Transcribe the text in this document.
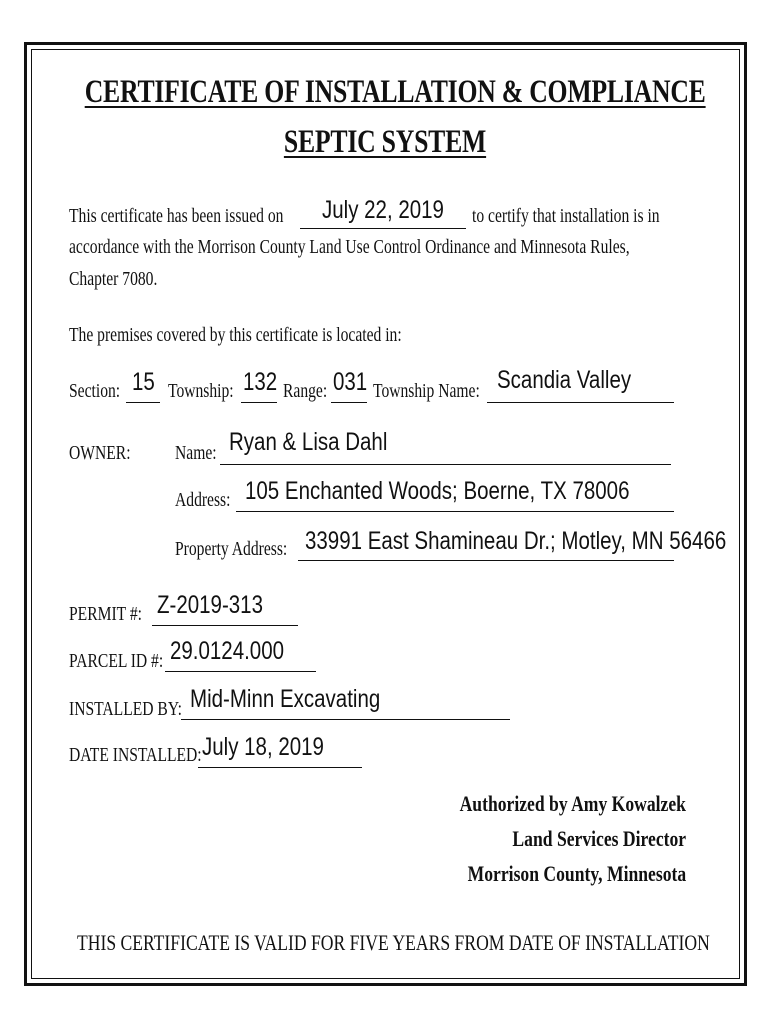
CERTIFICATE OF INSTALLATION & COMPLIANCE
SEPTIC SYSTEM
This certificate has been issued on July 22, 2019 to certify that installation is in
accordance with the Morrison County Land Use Control Ordinance and Minnesota Rules,
Chapter 7080.
The premises covered by this certificate is located in:
Section: 15 Township: 132 Range: 031 Township Name: Scandia Valley
OWNER: Name: Ryan & Lisa Dahl
Address: 105 Enchanted Woods; Boerne, TX 78006
Property Address: 33991 East Shamineau Dr.; Motley, MN 56466
PERMIT #: Z-2019-313
PARCEL ID #: 29.0124.000
INSTALLED BY: Mid-Minn Excavating
DATE INSTALLED: July 18, 2019
Authorized by Amy Kowalzek
Land Services Director
Morrison County, Minnesota
THIS CERTIFICATE IS VALID FOR FIVE YEARS FROM DATE OF INSTALLATION
